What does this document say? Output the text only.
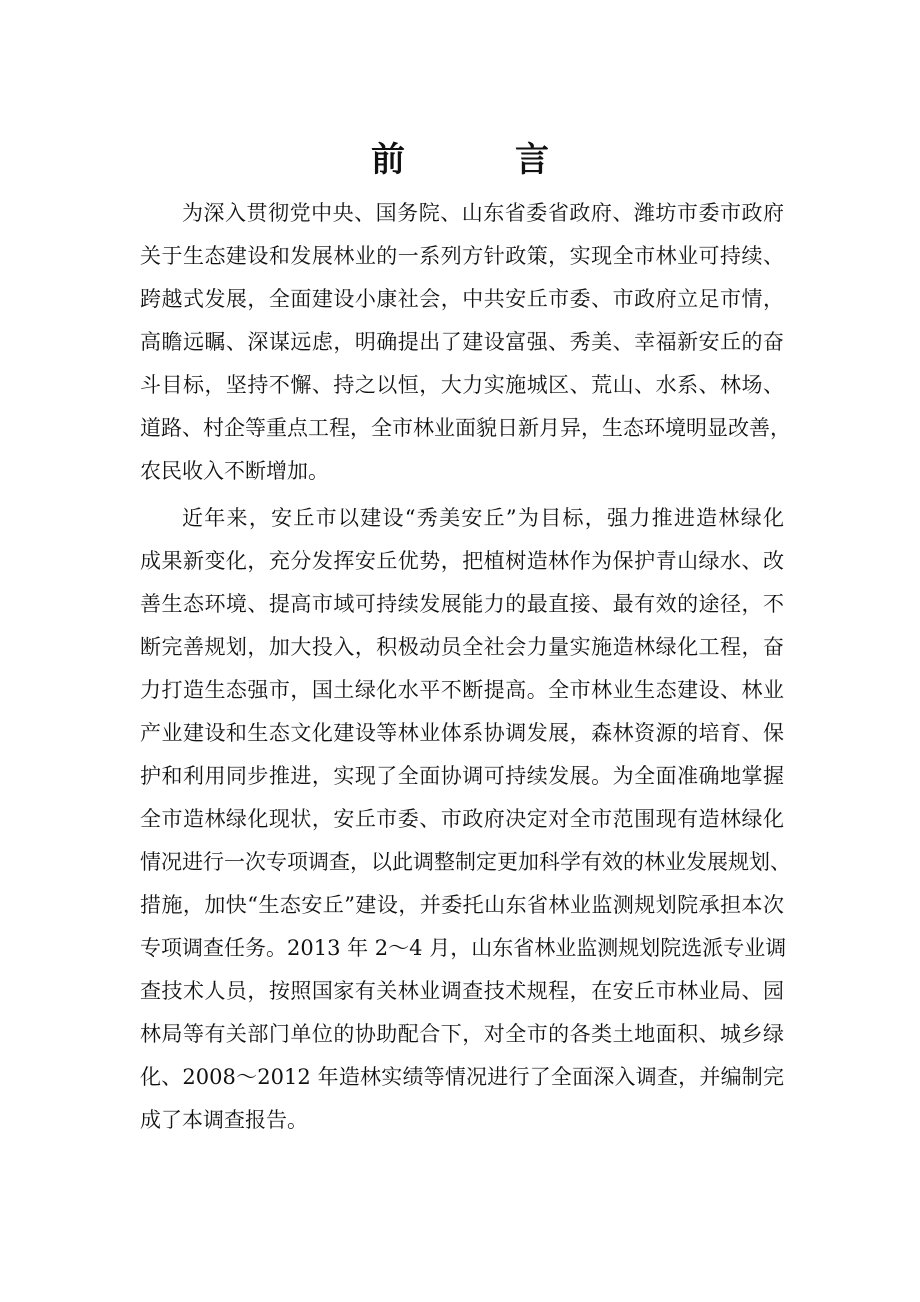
前　言
为深入贯彻党中央、国务院、山东省委省政府、潍坊市委市政府
关于生态建设和发展林业的一系列方针政策，实现全市林业可持续、
跨越式发展，全面建设小康社会，中共安丘市委、市政府立足市情，
高瞻远瞩、深谋远虑，明确提出了建设富强、秀美、幸福新安丘的奋
斗目标，坚持不懈、持之以恒，大力实施城区、荒山、水系、林场、
道路、村企等重点工程，全市林业面貌日新月异，生态环境明显改善，
农民收入不断增加。
近年来，安丘市以建设“秀美安丘”为目标，强力推进造林绿化
成果新变化，充分发挥安丘优势，把植树造林作为保护青山绿水、改
善生态环境、提高市域可持续发展能力的最直接、最有效的途径，不
断完善规划，加大投入，积极动员全社会力量实施造林绿化工程，奋
力打造生态强市，国土绿化水平不断提高。全市林业生态建设、林业
产业建设和生态文化建设等林业体系协调发展，森林资源的培育、保
护和利用同步推进，实现了全面协调可持续发展。为全面准确地掌握
全市造林绿化现状，安丘市委、市政府决定对全市范围现有造林绿化
情况进行一次专项调查，以此调整制定更加科学有效的林业发展规划、
措施，加快“生态安丘”建设，并委托山东省林业监测规划院承担本次
专项调查任务。2013 年 2～4 月，山东省林业监测规划院选派专业调
查技术人员，按照国家有关林业调查技术规程，在安丘市林业局、园
林局等有关部门单位的协助配合下，对全市的各类土地面积、城乡绿
化、2008～2012 年造林实绩等情况进行了全面深入调查，并编制完
成了本调查报告。
